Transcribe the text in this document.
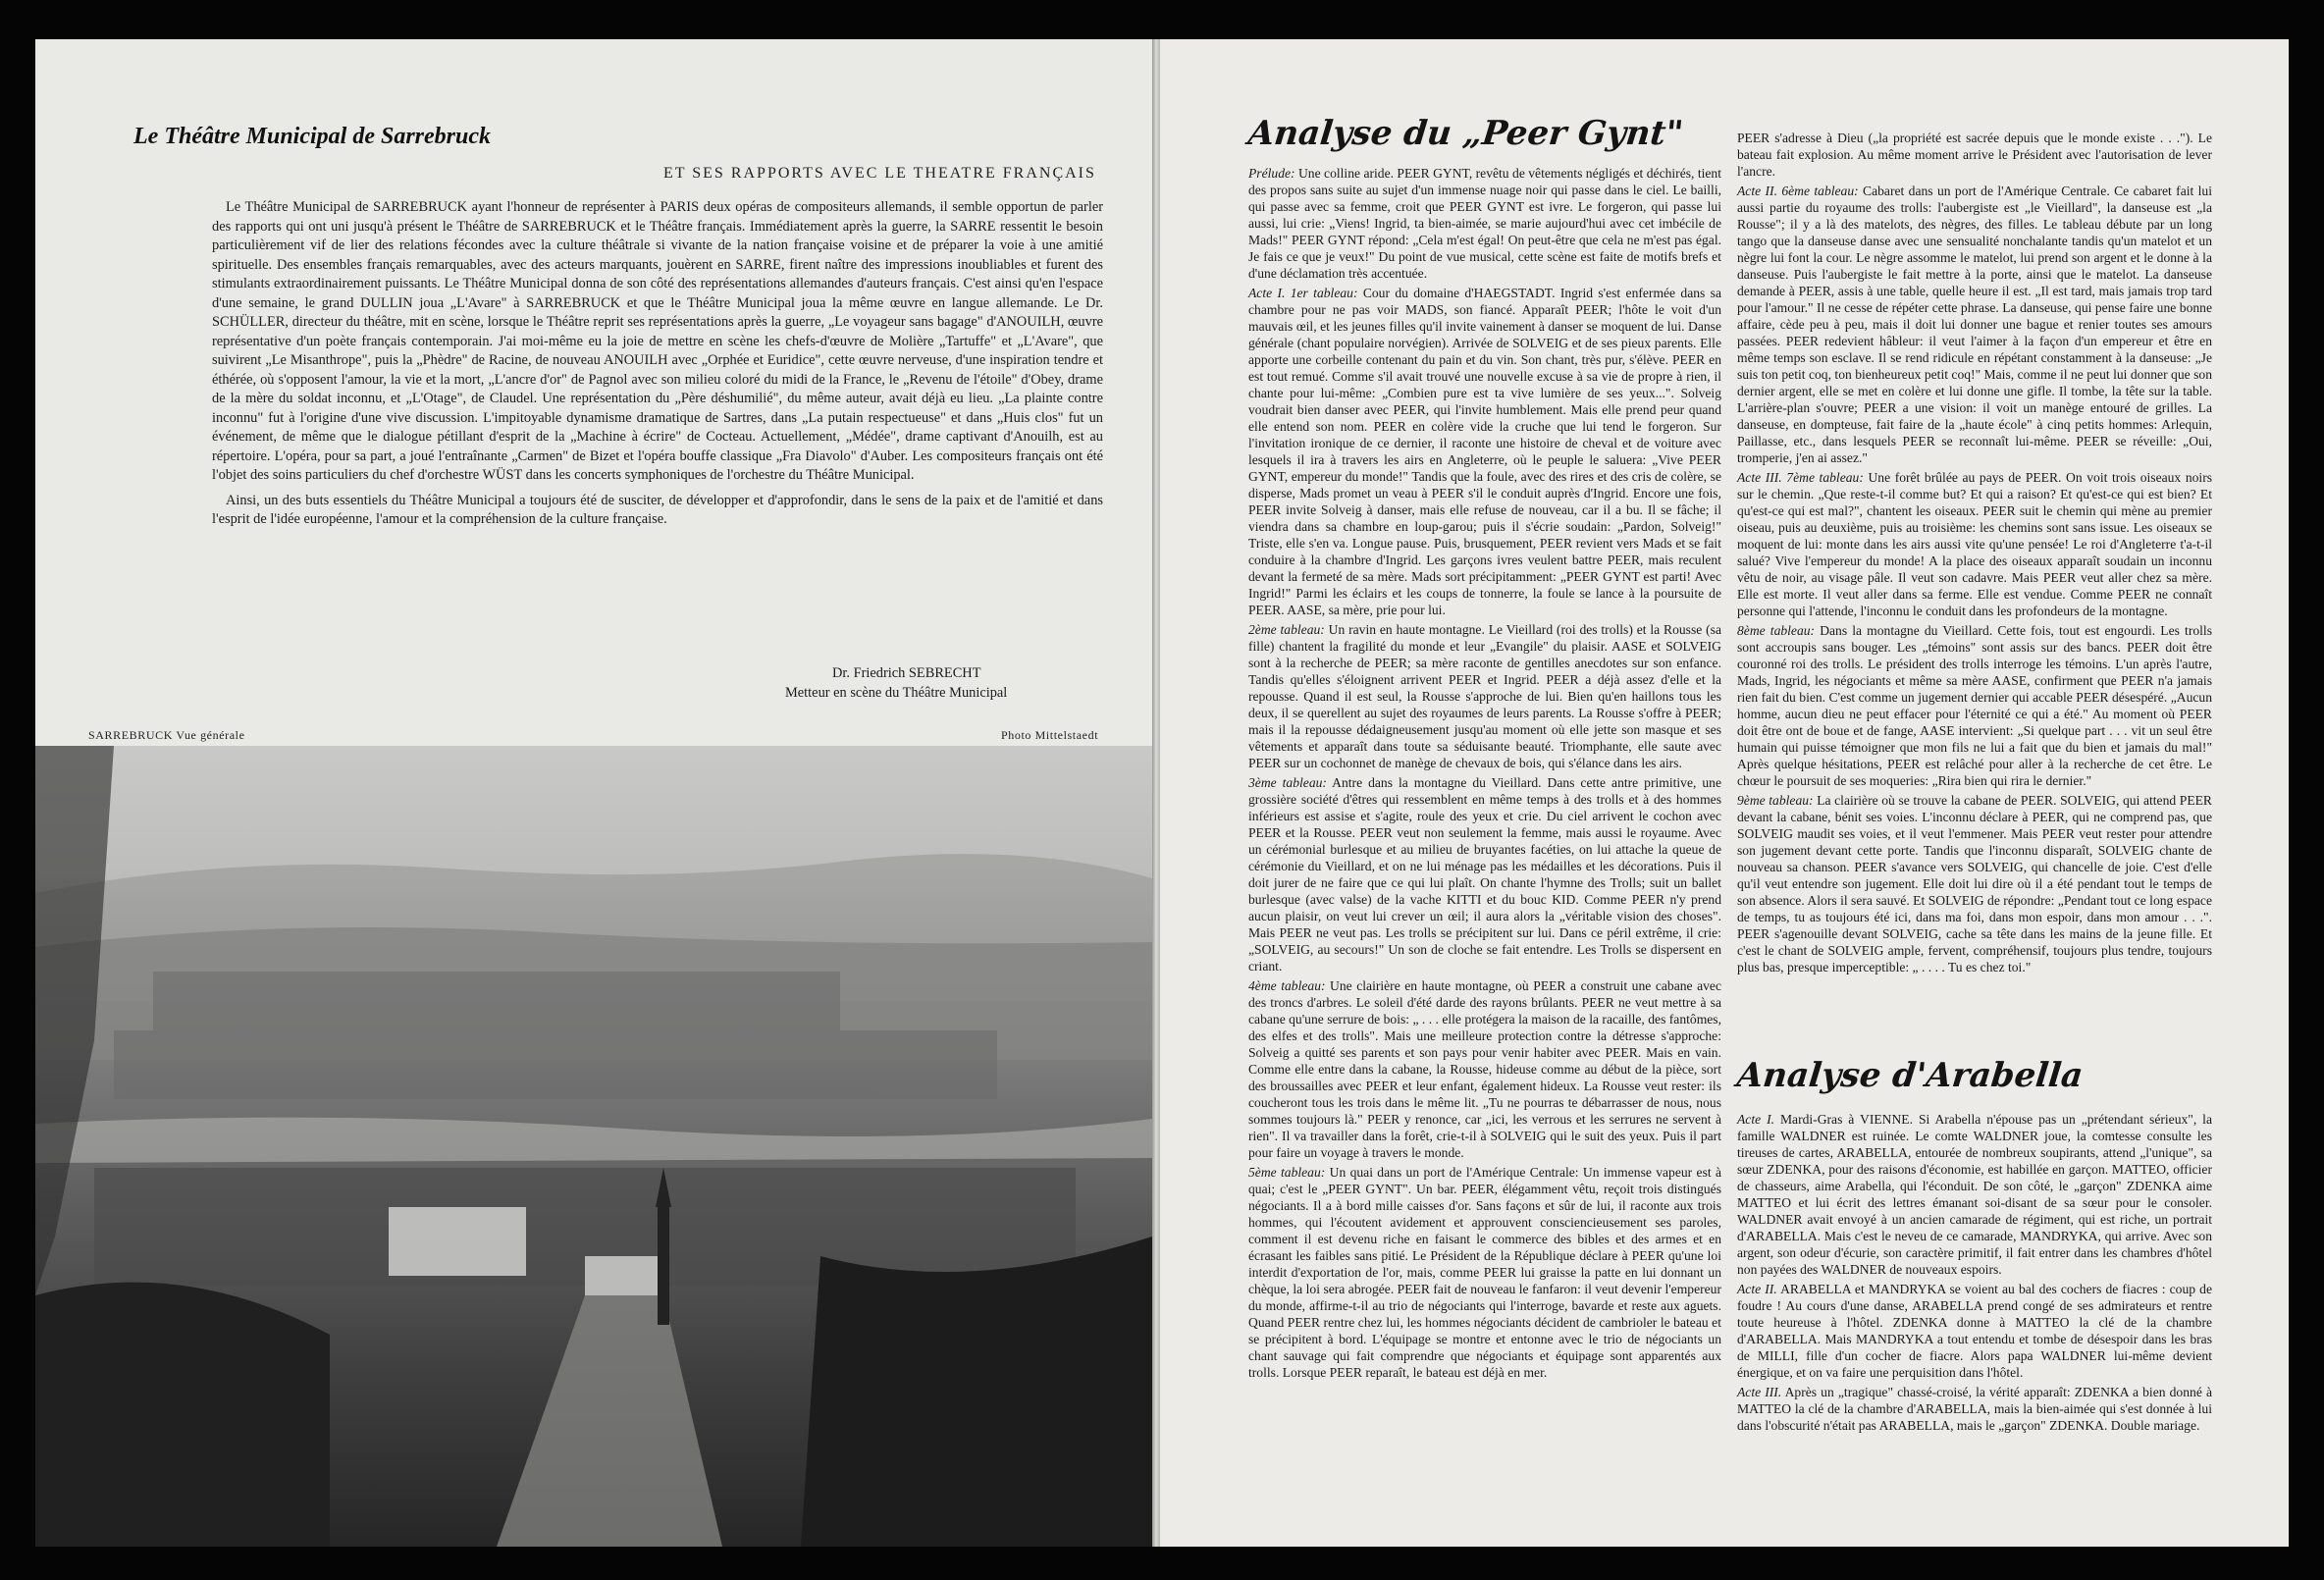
Le Théâtre Municipal de Sarrebruck
ET SES RAPPORTS AVEC LE THEATRE FRANÇAIS

Le Théâtre Municipal de SARREBRUCK ayant l'honneur de représenter à PARIS deux opéras de compositeurs allemands, il semble opportun de parler des rapports qui ont uni jusqu'à présent le Théâtre de SARREBRUCK et le Théâtre français. Immédiatement après la guerre, la SARRE ressentit le besoin particulièrement vif de lier des relations fécondes avec la culture théâtrale si vivante de la nation française voisine et de préparer la voie à une amitié spirituelle. Des ensembles français remarquables, avec des acteurs marquants, jouèrent en SARRE, firent naître des impressions inoubliables et furent des stimulants extraordinairement puissants. Le Théâtre Municipal donna de son côté des représentations allemandes d'auteurs français. C'est ainsi qu'en l'espace d'une semaine, le grand DULLIN joua „L'Avare" à SARREBRUCK et que le Théâtre Municipal joua la même œuvre en langue allemande. Le Dr. SCHÜLLER, directeur du théâtre, mit en scène, lorsque le Théâtre reprit ses représentations après la guerre, „Le voyageur sans bagage" d'ANOUILH, œuvre représentative d'un poète français contemporain. J'ai moi-même eu la joie de mettre en scène les chefs-d'œuvre de Molière „Tartuffe" et „L'Avare", que suivirent „Le Misanthrope", puis la „Phèdre" de Racine, de nouveau ANOUILH avec „Orphée et Euridice", cette œuvre nerveuse, d'une inspiration tendre et éthérée, où s'opposent l'amour, la vie et la mort, „L'ancre d'or" de Pagnol avec son milieu coloré du midi de la France, le „Revenu de l'étoile" d'Obey, drame de la mère du soldat inconnu, et „L'Otage", de Claudel. Une représentation du „Père déshumilié", du même auteur, avait déjà eu lieu. „La plainte contre inconnu" fut à l'origine d'une vive discussion. L'impitoyable dynamisme dramatique de Sartres, dans „La putain respectueuse" et dans „Huis clos" fut un événement, de même que le dialogue pétillant d'esprit de la „Machine à écrire" de Cocteau. Actuellement, „Médée", drame captivant d'Anouilh, est au répertoire. L'opéra, pour sa part, a joué l'entraînante „Carmen" de Bizet et l'opéra bouffe classique „Fra Diavolo" d'Auber. Les compositeurs français ont été l'objet des soins particuliers du chef d'orchestre WÜST dans les concerts symphoniques de l'orchestre du Théâtre Municipal.

Ainsi, un des buts essentiels du Théâtre Municipal a toujours été de susciter, de développer et d'approfondir, dans le sens de la paix et de l'amitié et dans l'esprit de l'idée européenne, l'amour et la compréhension de la culture française.

Dr. Friedrich SEBRECHT
Metteur en scène du Théâtre Municipal
SARREBRUCK Vue générale	Photo Mittelstaedt
Analyse du „Peer Gynt"

Prélude: Une colline aride. PEER GYNT, revêtu de vêtements négligés et déchirés, tient des propos sans suite au sujet d'un immense nuage noir qui passe dans le ciel. Le bailli, qui passe avec sa femme, croit que PEER GYNT est ivre. Le forgeron, qui passe lui aussi, lui crie: „Viens! Ingrid, ta bien-aimée, se marie aujourd'hui avec cet imbécile de Mads!" PEER GYNT répond: „Cela m'est égal! On peut-être que cela ne m'est pas égal. Je fais ce que je veux!" Du point de vue musical, cette scène est faite de motifs brefs et d'une déclamation très accentuée.

Acte I. 1er tableau: Cour du domaine d'HAEGSTADT. Ingrid s'est enfermée dans sa chambre pour ne pas voir MADS, son fiancé. Apparaît PEER; l'hôte le voit d'un mauvais œil, et les jeunes filles qu'il invite vainement à danser se moquent de lui. Danse générale (chant populaire norvégien). Arrivée de SOLVEIG et de ses pieux parents. Elle apporte une corbeille contenant du pain et du vin. Son chant, très pur, s'élève. PEER en est tout remué. Comme s'il avait trouvé une nouvelle excuse à sa vie de propre à rien, il chante pour lui-même: „Combien pure est ta vive lumière de ses yeux...". Solveig voudrait bien danser avec PEER, qui l'invite humblement. Mais elle prend peur quand elle entend son nom. PEER en colère vide la cruche que lui tend le forgeron. Sur l'invitation ironique de ce dernier, il raconte une histoire de cheval et de voiture avec lesquels il ira à travers les airs en Angleterre, où le peuple le saluera: „Vive PEER GYNT, empereur du monde!" Tandis que la foule, avec des rires et des cris de colère, se disperse, Mads promet un veau à PEER s'il le conduit auprès d'Ingrid. Encore une fois, PEER invite Solveig à danser, mais elle refuse de nouveau, car il a bu. Il se fâche; il viendra dans sa chambre en loup-garou; puis il s'écrie soudain: „Pardon, Solveig!" Triste, elle s'en va. Longue pause. Puis, brusquement, PEER revient vers Mads et se fait conduire à la chambre d'Ingrid. Les garçons ivres veulent battre PEER, mais reculent devant la fermeté de sa mère. Mads sort précipitamment: „PEER GYNT est parti! Avec Ingrid!" Parmi les éclairs et les coups de tonnerre, la foule se lance à la poursuite de PEER. AASE, sa mère, prie pour lui.

2ème tableau: Un ravin en haute montagne. Le Vieillard (roi des trolls) et la Rousse (sa fille) chantent la fragilité du monde et leur „Evangile" du plaisir. AASE et SOLVEIG sont à la recherche de PEER; sa mère raconte de gentilles anecdotes sur son enfance. Tandis qu'elles s'éloignent arrivent PEER et Ingrid. PEER a déjà assez d'elle et la repousse. Quand il est seul, la Rousse s'approche de lui. Bien qu'en haillons tous les deux, il se querellent au sujet des royaumes de leurs parents. La Rousse s'offre à PEER; mais il la repousse dédaigneusement jusqu'au moment où elle jette son masque et ses vêtements et apparaît dans toute sa séduisante beauté. Triomphante, elle saute avec PEER sur un cochonnet de manège de chevaux de bois, qui s'élance dans les airs.

3ème tableau: Antre dans la montagne du Vieillard. Dans cette antre primitive, une grossière société d'êtres qui ressemblent en même temps à des trolls et à des hommes inférieurs est assise et s'agite, roule des yeux et crie. Du ciel arrivent le cochon avec PEER et la Rousse. PEER veut non seulement la femme, mais aussi le royaume. Avec un cérémonial burlesque et au milieu de bruyantes facéties, on lui attache la queue de cérémonie du Vieillard, et on ne lui ménage pas les médailles et les décorations. Puis il doit jurer de ne faire que ce qui lui plaît. On chante l'hymne des Trolls; suit un ballet burlesque (avec valse) de la vache KITTI et du bouc KID. Comme PEER n'y prend aucun plaisir, on veut lui crever un œil; il aura alors la „véritable vision des choses". Mais PEER ne veut pas. Les trolls se précipitent sur lui. Dans ce péril extrême, il crie: „SOLVEIG, au secours!" Un son de cloche se fait entendre. Les Trolls se dispersent en criant.

4ème tableau: Une clairière en haute montagne, où PEER a construit une cabane avec des troncs d'arbres. Le soleil d'été darde des rayons brûlants. PEER ne veut mettre à sa cabane qu'une serrure de bois: „ . . . elle protégera la maison de la racaille, des fantômes, des elfes et des trolls". Mais une meilleure protection contre la détresse s'approche: Solveig a quitté ses parents et son pays pour venir habiter avec PEER. Mais en vain. Comme elle entre dans la cabane, la Rousse, hideuse comme au début de la pièce, sort des broussailles avec PEER et leur enfant, également hideux. La Rousse veut rester: ils coucheront tous les trois dans le même lit. „Tu ne pourras te débarrasser de nous, nous sommes toujours là." PEER y renonce, car „ici, les verrous et les serrures ne servent à rien". Il va travailler dans la forêt, crie-t-il à SOLVEIG qui le suit des yeux. Puis il part pour faire un voyage à travers le monde.

5ème tableau: Un quai dans un port de l'Amérique Centrale: Un immense vapeur est à quai; c'est le „PEER GYNT". Un bar. PEER, élégamment vêtu, reçoit trois distingués négociants. Il a à bord mille caisses d'or. Sans façons et sûr de lui, il raconte aux trois hommes, qui l'écoutent avidement et approuvent consciencieusement ses paroles, comment il est devenu riche en faisant le commerce des bibles et des armes et en écrasant les faibles sans pitié. Le Président de la République déclare à PEER qu'une loi interdit d'exportation de l'or, mais, comme PEER lui graisse la patte en lui donnant un chèque, la loi sera abrogée. PEER fait de nouveau le fanfaron: il veut devenir l'empereur du monde, affirme-t-il au trio de négociants qui l'interroge, bavarde et reste aux aguets. Quand PEER rentre chez lui, les hommes négociants décident de cambrioler le bateau et se précipitent à bord. L'équipage se montre et entonne avec le trio de négociants un chant sauvage qui fait comprendre que négociants et équipage sont apparentés aux trolls. Lorsque PEER reparaît, le bateau est déjà en mer.

PEER s'adresse à Dieu („la propriété est sacrée depuis que le monde existe . . ."). Le bateau fait explosion. Au même moment arrive le Président avec l'autorisation de lever l'ancre.

Acte II. 6ème tableau: Cabaret dans un port de l'Amérique Centrale. Ce cabaret fait lui aussi partie du royaume des trolls: l'aubergiste est „le Vieillard", la danseuse est „la Rousse"; il y a là des matelots, des nègres, des filles. Le tableau débute par un long tango que la danseuse danse avec une sensualité nonchalante tandis qu'un matelot et un nègre lui font la cour. Le nègre assomme le matelot, lui prend son argent et le donne à la danseuse. Puis l'aubergiste le fait mettre à la porte, ainsi que le matelot. La danseuse demande à PEER, assis à une table, quelle heure il est. „Il est tard, mais jamais trop tard pour l'amour." Il ne cesse de répéter cette phrase. La danseuse, qui pense faire une bonne affaire, cède peu à peu, mais il doit lui donner une bague et renier toutes ses amours passées. PEER redevient hâbleur: il veut l'aimer à la façon d'un empereur et être en même temps son esclave. Il se rend ridicule en répétant constamment à la danseuse: „Je suis ton petit coq, ton bienheureux petit coq!" Mais, comme il ne peut lui donner que son dernier argent, elle se met en colère et lui donne une gifle. Il tombe, la tête sur la table. L'arrière-plan s'ouvre; PEER a une vision: il voit un manège entouré de grilles. La danseuse, en dompteuse, fait faire de la „haute école" à cinq petits hommes: Arlequin, Paillasse, etc., dans lesquels PEER se reconnaît lui-même. PEER se réveille: „Oui, tromperie, j'en ai assez."

Acte III. 7ème tableau: Une forêt brûlée au pays de PEER. On voit trois oiseaux noirs sur le chemin. „Que reste-t-il comme but? Et qui a raison? Et qu'est-ce qui est bien? Et qu'est-ce qui est mal?", chantent les oiseaux. PEER suit le chemin qui mène au premier oiseau, puis au deuxième, puis au troisième: les chemins sont sans issue. Les oiseaux se moquent de lui: monte dans les airs aussi vite qu'une pensée! Le roi d'Angleterre t'a-t-il salué? Vive l'empereur du monde! A la place des oiseaux apparaît soudain un inconnu vêtu de noir, au visage pâle. Il veut son cadavre. Mais PEER veut aller chez sa mère. Elle est morte. Il veut aller dans sa ferme. Elle est vendue. Comme PEER ne connaît personne qui l'attende, l'inconnu le conduit dans les profondeurs de la montagne.

8ème tableau: Dans la montagne du Vieillard. Cette fois, tout est engourdi. Les trolls sont accroupis sans bouger. Les „témoins" sont assis sur des bancs. PEER doit être couronné roi des trolls. Le président des trolls interroge les témoins. L'un après l'autre, Mads, Ingrid, les négociants et même sa mère AASE, confirment que PEER n'a jamais rien fait du bien. C'est comme un jugement dernier qui accable PEER désespéré. „Aucun homme, aucun dieu ne peut effacer pour l'éternité ce qui a été." Au moment où PEER doit être ont de boue et de fange, AASE intervient: „Si quelque part . . . vit un seul être humain qui puisse témoigner que mon fils ne lui a fait que du bien et jamais du mal!" Après quelque hésitations, PEER est relâché pour aller à la recherche de cet être. Le chœur le poursuit de ses moqueries: „Rira bien qui rira le dernier."

9ème tableau: La clairière où se trouve la cabane de PEER. SOLVEIG, qui attend PEER devant la cabane, bénit ses voies. L'inconnu déclare à PEER, qui ne comprend pas, que SOLVEIG maudit ses voies, et il veut l'emmener. Mais PEER veut rester pour attendre son jugement devant cette porte. Tandis que l'inconnu disparaît, SOLVEIG chante de nouveau sa chanson. PEER s'avance vers SOLVEIG, qui chancelle de joie. C'est d'elle qu'il veut entendre son jugement. Elle doit lui dire où il a été pendant tout le temps de son absence. Alors il sera sauvé. Et SOLVEIG de répondre: „Pendant tout ce long espace de temps, tu as toujours été ici, dans ma foi, dans mon espoir, dans mon amour . . .". PEER s'agenouille devant SOLVEIG, cache sa tête dans les mains de la jeune fille. Et c'est le chant de SOLVEIG ample, fervent, compréhensif, toujours plus tendre, toujours plus bas, presque imperceptible: „ . . . . Tu es chez toi."

Analyse d'Arabella

Acte I. Mardi-Gras à VIENNE. Si Arabella n'épouse pas un „prétendant sérieux", la famille WALDNER est ruinée. Le comte WALDNER joue, la comtesse consulte les tireuses de cartes, ARABELLA, entourée de nombreux soupirants, attend „l'unique", sa sœur ZDENKA, pour des raisons d'économie, est habillée en garçon. MATTEO, officier de chasseurs, aime Arabella, qui l'éconduit. De son côté, le „garçon" ZDENKA aime MATTEO et lui écrit des lettres émanant soi-disant de sa sœur pour le consoler. WALDNER avait envoyé à un ancien camarade de régiment, qui est riche, un portrait d'ARABELLA. Mais c'est le neveu de ce camarade, MANDRYKA, qui arrive. Avec son argent, son odeur d'écurie, son caractère primitif, il fait entrer dans les chambres d'hôtel non payées des WALDNER de nouveaux espoirs.

Acte II. ARABELLA et MANDRYKA se voient au bal des cochers de fiacres : coup de foudre ! Au cours d'une danse, ARABELLA prend congé de ses admirateurs et rentre toute heureuse à l'hôtel. ZDENKA donne à MATTEO la clé de la chambre d'ARABELLA. Mais MANDRYKA a tout entendu et tombe de désespoir dans les bras de MILLI, fille d'un cocher de fiacre. Alors papa WALDNER lui-même devient énergique, et on va faire une perquisition dans l'hôtel.

Acte III. Après un „tragique" chassé-croisé, la vérité apparaît: ZDENKA a bien donné à MATTEO la clé de la chambre d'ARABELLA, mais la bien-aimée qui s'est donnée à lui dans l'obscurité n'était pas ARABELLA, mais le „garçon" ZDENKA. Double mariage.
